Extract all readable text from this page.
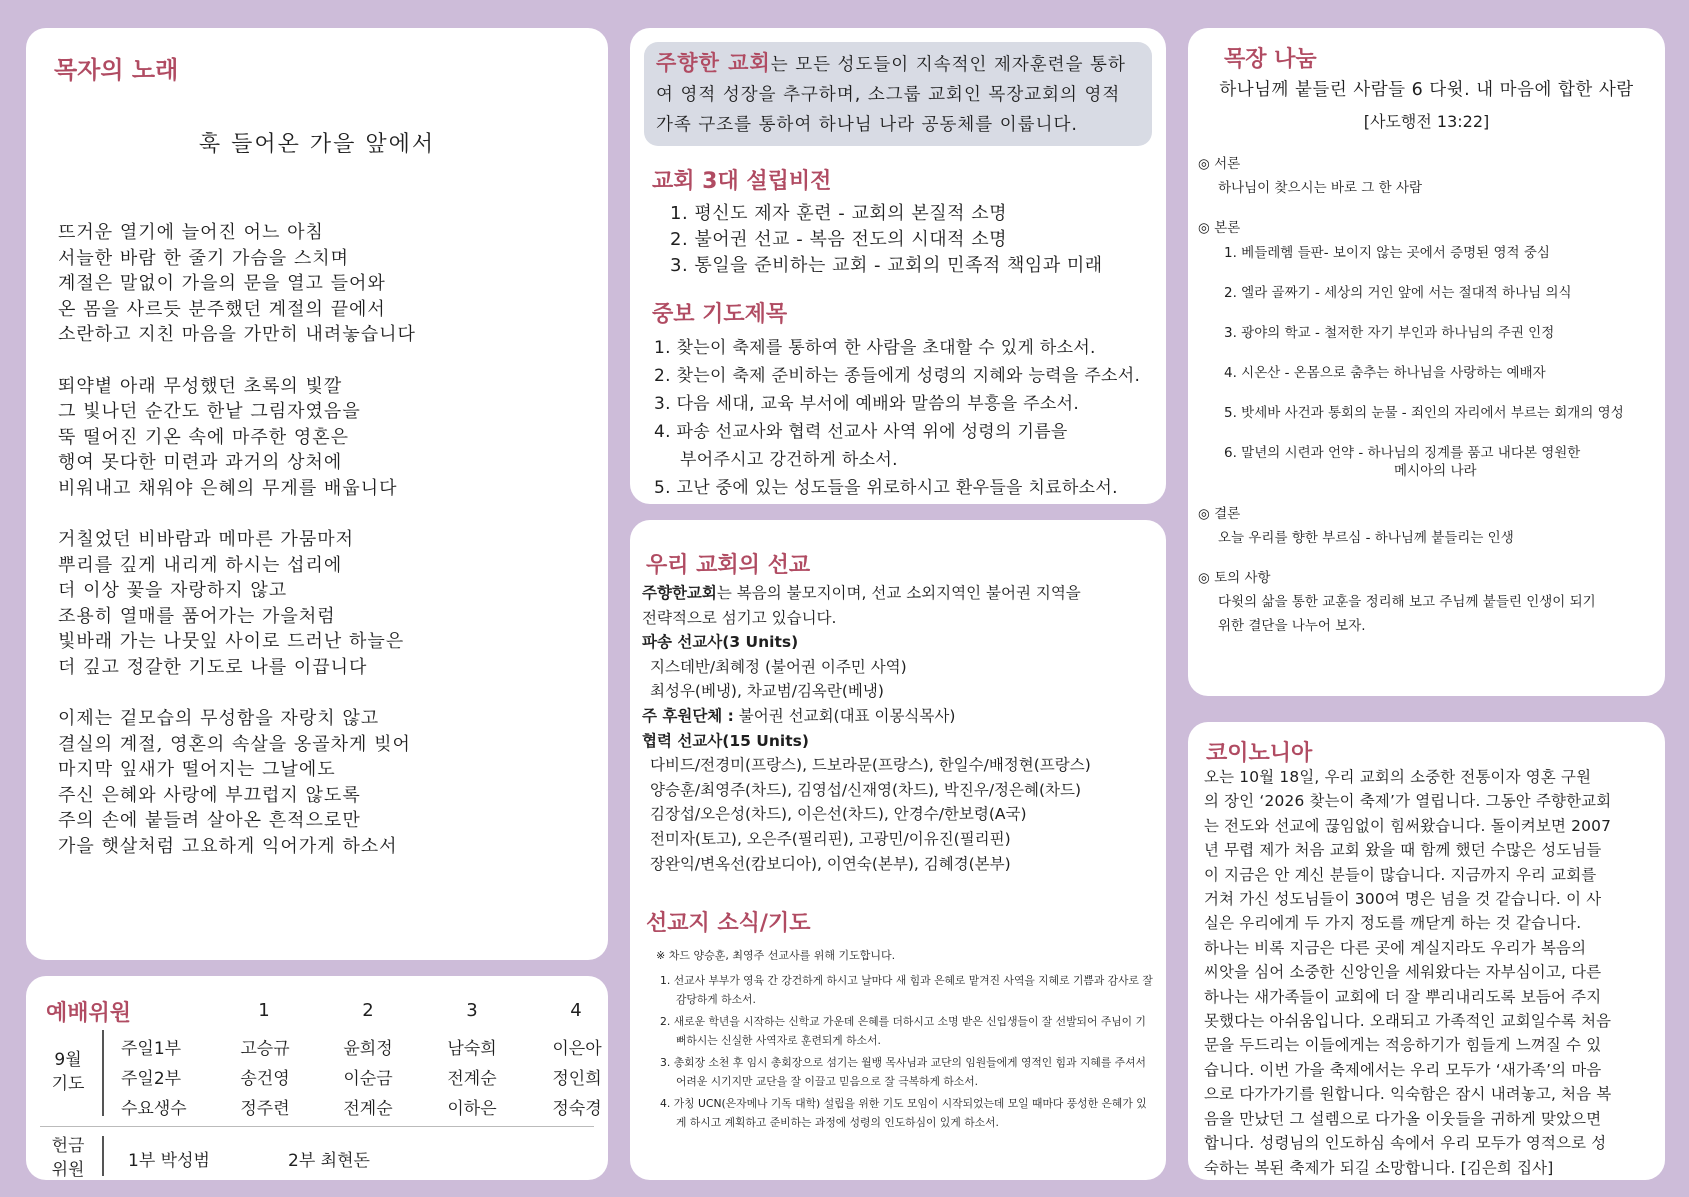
목자의 노래
훅 들어온 가을 앞에서
뜨거운 열기에 늘어진 어느 아침
서늘한 바람 한 줄기 가슴을 스치며
계절은 말없이 가을의 문을 열고 들어와
온 몸을 사르듯 분주했던 계절의 끝에서
소란하고 지친 마음을 가만히 내려놓습니다
뙤약볕 아래 무성했던 초록의 빛깔
그 빛나던 순간도 한낱 그림자였음을
뚝 떨어진 기온 속에 마주한 영혼은
행여 못다한 미련과 과거의 상처에
비워내고 채워야 은혜의 무게를 배웁니다
거칠었던 비바람과 메마른 가뭄마저
뿌리를 깊게 내리게 하시는 섭리에
더 이상 꽃을 자랑하지 않고
조용히 열매를 품어가는 가을처럼
빛바래 가는 나뭇잎 사이로 드러난 하늘은
더 깊고 정갈한 기도로 나를 이끕니다
이제는 겉모습의 무성함을 자랑치 않고
결실의 계절, 영혼의 속살을 옹골차게 빚어
마지막 잎새가 떨어지는 그날에도
주신 은혜와 사랑에 부끄럽지 않도록
주의 손에 붙들려 살아온 흔적으로만
가을 햇살처럼 고요하게 익어가게 하소서
예배위원	1	2	3	4
9월
기도
주일1부	고승규	윤희정	남숙희	이은아
주일2부	송건영	이순금	전계순	정인희
수요생수	정주련	전계순	이하은	정숙경
헌금
위원	1부 박성범	2부 최현돈
주향한 교회는 모든 성도들이 지속적인 제자훈련을 통하여 영적 성장을 추구하며, 소그룹 교회인 목장교회의 영적 가족 구조를 통하여 하나님 나라 공동체를 이룹니다.
교회 3대 설립비전
1. 평신도 제자 훈련 - 교회의 본질적 소명
2. 불어권 선교 - 복음 전도의 시대적 소명
3. 통일을 준비하는 교회 - 교회의 민족적 책임과 미래
중보 기도제목
1. 찾는이 축제를 통하여 한 사람을 초대할 수 있게 하소서.
2. 찾는이 축제 준비하는 종들에게 성령의 지혜와 능력을 주소서.
3. 다음 세대, 교육 부서에 예배와 말씀의 부흥을 주소서.
4. 파송 선교사와 협력 선교사 사역 위에 성령의 기름을
부어주시고 강건하게 하소서.
5. 고난 중에 있는 성도들을 위로하시고 환우들을 치료하소서.
우리 교회의 선교
주향한교회는 복음의 불모지이며, 선교 소외지역인 불어권 지역을
전략적으로 섬기고 있습니다.
파송 선교사(3 Units)
지스데반/최혜정 (불어권 이주민 사역)
최성우(베냉), 차교범/김옥란(베냉)
주 후원단체 : 불어권 선교회(대표 이몽식목사)
협력 선교사(15 Units)
다비드/전경미(프랑스), 드보라문(프랑스), 한일수/배정현(프랑스)
양승훈/최영주(차드), 김영섭/신재영(차드), 박진우/정은혜(차드)
김장섭/오은성(차드), 이은선(차드), 안경수/한보령(A국)
전미자(토고), 오은주(필리핀), 고광민/이유진(필리핀)
장완익/변옥선(캄보디아), 이연숙(본부), 김혜경(본부)
선교지 소식/기도
※ 차드 양승훈, 최영주 선교사를 위해 기도합니다.
1. 선교사 부부가 영육 간 강건하게 하시고 날마다 새 힘과 은혜로 맡겨진 사역을 지혜로 기쁨과 감사로 잘 감당하게 하소서.
2. 새로운 학년을 시작하는 신학교 가운데 은혜를 더하시고 소명 받은 신입생들이 잘 선발되어 주님이 기뻐하시는 신실한 사역자로 훈련되게 하소서.
3. 총회장 소천 후 임시 총회장으로 섬기는 월뱅 목사님과 교단의 임원들에게 영적인 힘과 지혜를 주셔서 어려운 시기지만 교단을 잘 이끌고 믿음으로 잘 극복하게 하소서.
4. 가칭 UCN(은자메나 기독 대학) 설립을 위한 기도 모임이 시작되었는데 모일 때마다 풍성한 은혜가 있게 하시고 계획하고 준비하는 과정에 성령의 인도하심이 있게 하소서.
목장 나눔
하나님께 붙들린 사람들 6 다윗. 내 마음에 합한 사람
[사도행전 13:22]
◎ 서론
하나님이 찾으시는 바로 그 한 사람
◎ 본론
1. 베들레헴 들판- 보이지 않는 곳에서 증명된 영적 중심
2. 엘라 골짜기 - 세상의 거인 앞에 서는 절대적 하나님 의식
3. 광야의 학교 - 철저한 자기 부인과 하나님의 주권 인정
4. 시온산 - 온몸으로 춤추는 하나님을 사랑하는 예배자
5. 밧세바 사건과 통회의 눈물 - 죄인의 자리에서 부르는 회개의 영성
6. 말년의 시련과 언약 - 하나님의 징계를 품고 내다본 영원한
메시아의 나라
◎ 결론
오늘 우리를 향한 부르심 - 하나님께 붙들리는 인생
◎ 토의 사항
다윗의 삶을 통한 교훈을 정리해 보고 주님께 붙들린 인생이 되기
위한 결단을 나누어 보자.
코이노니아
오는 10월 18일, 우리 교회의 소중한 전통이자 영혼 구원
의 장인 ‘2026 찾는이 축제’가 열립니다. 그동안 주향한교회
는 전도와 선교에 끊임없이 힘써왔습니다. 돌이켜보면 2007
년 무렵 제가 처음 교회 왔을 때 함께 했던 수많은 성도님들
이 지금은 안 계신 분들이 많습니다. 지금까지 우리 교회를
거쳐 가신 성도님들이 300여 명은 넘을 것 같습니다. 이 사
실은 우리에게 두 가지 정도를 깨닫게 하는 것 같습니다.
하나는 비록 지금은 다른 곳에 계실지라도 우리가 복음의
씨앗을 심어 소중한 신앙인을 세워왔다는 자부심이고, 다른
하나는 새가족들이 교회에 더 잘 뿌리내리도록 보듬어 주지
못했다는 아쉬움입니다. 오래되고 가족적인 교회일수록 처음
문을 두드리는 이들에게는 적응하기가 힘들게 느껴질 수 있
습니다. 이번 가을 축제에서는 우리 모두가 ‘새가족’의 마음
으로 다가가기를 원합니다. 익숙함은 잠시 내려놓고, 처음 복
음을 만났던 그 설렘으로 다가올 이웃들을 귀하게 맞았으면
합니다. 성령님의 인도하심 속에서 우리 모두가 영적으로 성
숙하는 복된 축제가 되길 소망합니다. [김은희 집사]
